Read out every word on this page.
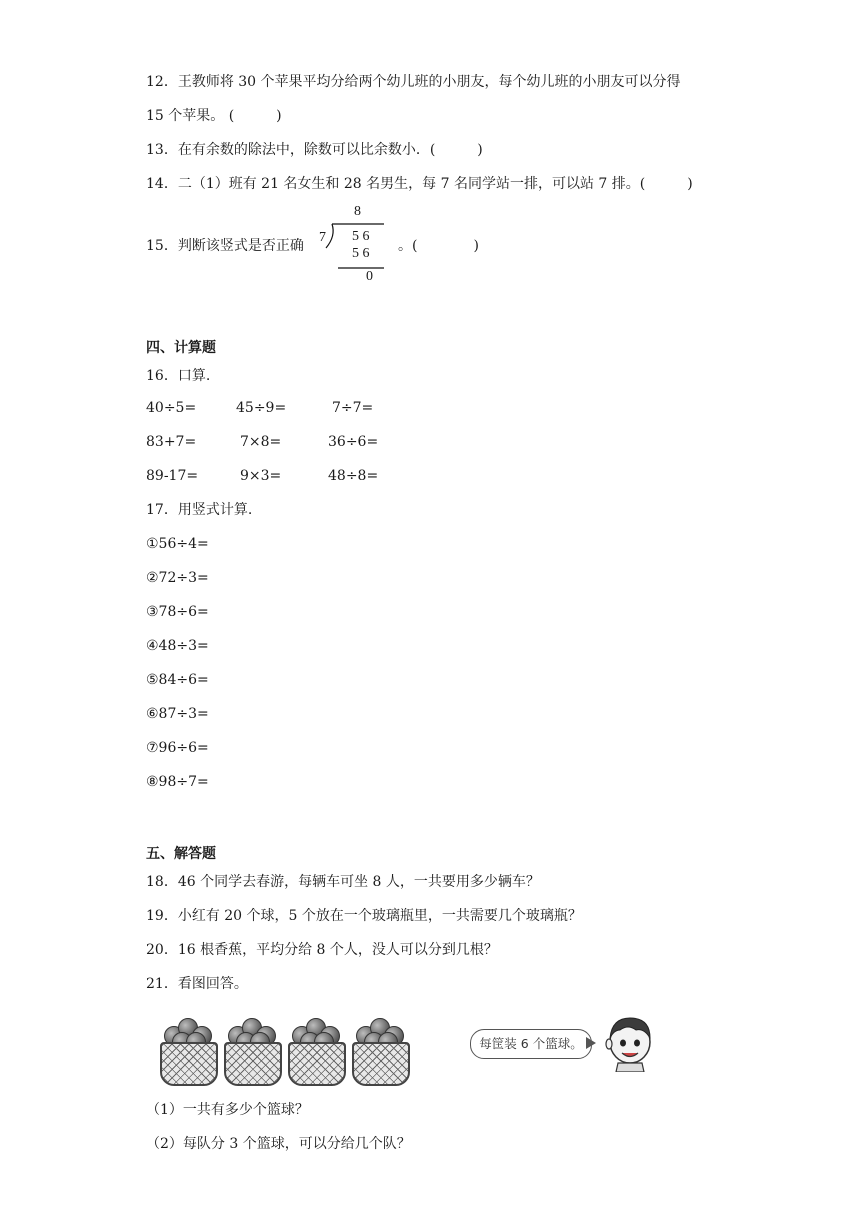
12．王教师将 30 个苹果平均分给两个幼儿班的小朋友，每个幼儿班的小朋友可以分得
15 个苹果。 (　　　)
13．在有余数的除法中，除数可以比余数小．(　　　)
14．二（1）班有 21 名女生和 28 名男生，每 7 名同学站一排，可以站 7 排。(　　　)
15．判断该竖式是否正确	。(　　　　)
8
7 5 6
5 6
0
四、计算题
16．口算.
40÷5=	45÷9=	7÷7=
83+7=	7×8=	36÷6=
89-17=	9×3=	48÷8=
17．用竖式计算.
①56÷4=
②72÷3=
③78÷6=
④48÷3=
⑤84÷6=
⑥87÷3=
⑦96÷6=
⑧98÷7=
五、解答题
18．46 个同学去春游，每辆车可坐 8 人，一共要用多少辆车？
19．小红有 20 个球，5 个放在一个玻璃瓶里，一共需要几个玻璃瓶？
20．16 根香蕉，平均分给 8 个人，没人可以分到几根？
21．看图回答。
每筐装 6 个篮球。
（1）一共有多少个篮球？
（2）每队分 3 个篮球，可以分给几个队？
